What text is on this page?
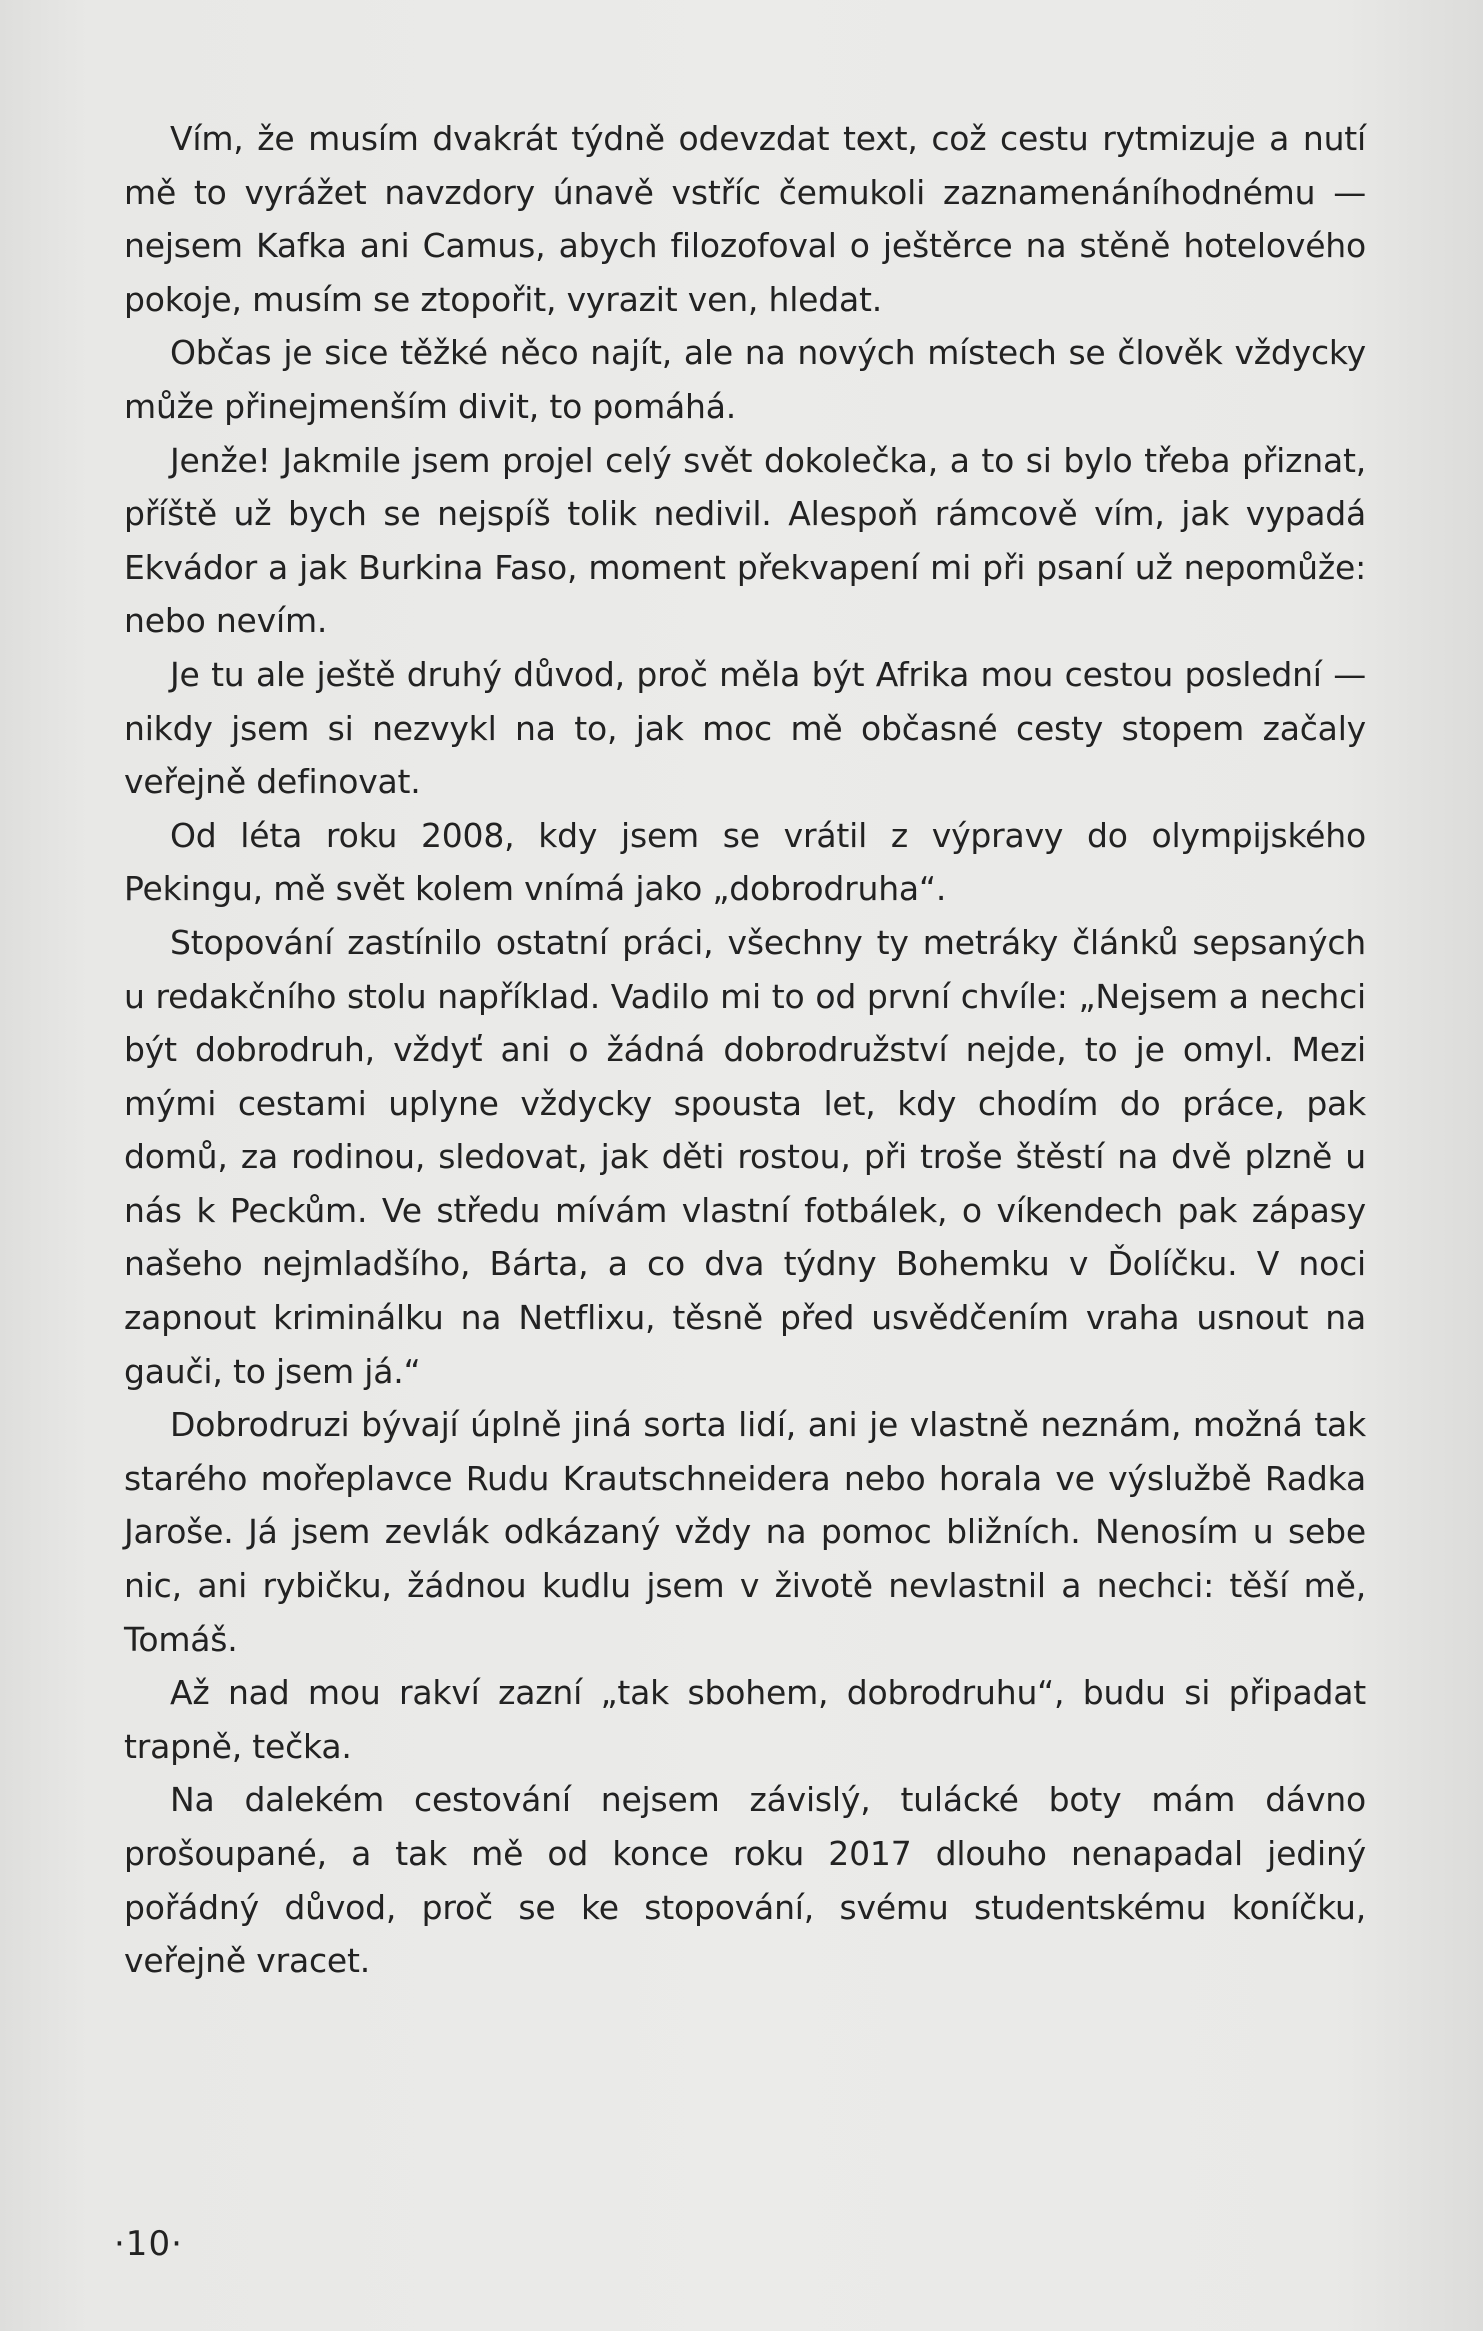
Vím, že musím dvakrát týdně odevzdat text, což cestu rytmizuje a nutí mě to vyrážet navzdory únavě vstříc čemukoli zaznamenáníhodnému — nejsem Kafka ani Camus, abych filozofoval o ještěrce na stěně hotelového pokoje, musím se ztopořit, vyrazit ven, hledat.

Občas je sice těžké něco najít, ale na nových místech se člověk vždycky může přinejmenším divit, to pomáhá.

Jenže! Jakmile jsem projel celý svět dokolečka, a to si bylo třeba přiznat, příště už bych se nejspíš tolik nedivil. Alespoň rámcově vím, jak vypadá Ekvádor a jak Burkina Faso, moment překvapení mi při psaní už nepomůže: nebo nevím.

Je tu ale ještě druhý důvod, proč měla být Afrika mou cestou poslední — nikdy jsem si nezvykl na to, jak moc mě občasné cesty stopem začaly veřejně definovat.

Od léta roku 2008, kdy jsem se vrátil z výpravy do olympijského Pekingu, mě svět kolem vnímá jako „dobrodruha“.

Stopování zastínilo ostatní práci, všechny ty metráky článků sepsaných u redakčního stolu například. Vadilo mi to od první chvíle: „Nejsem a nechci být dobrodruh, vždyť ani o žádná dobrodružství nejde, to je omyl. Mezi mými cestami uplyne vždycky spousta let, kdy chodím do práce, pak domů, za rodinou, sledovat, jak děti rostou, při troše štěstí na dvě plzně u nás k Peckům. Ve středu mívám vlastní fotbálek, o víkendech pak zápasy našeho nejmladšího, Bárta, a co dva týdny Bohemku v Ďolíčku. V noci zapnout kriminálku na Netflixu, těsně před usvědčením vraha usnout na gauči, to jsem já.“

Dobrodruzi bývají úplně jiná sorta lidí, ani je vlastně neznám, možná tak starého mořeplavce Rudu Krautschneidera nebo horala ve výslužbě Radka Jaroše. Já jsem zevlák odkázaný vždy na pomoc bližních. Nenosím u sebe nic, ani rybičku, žádnou kudlu jsem v životě nevlastnil a nechci: těší mě, Tomáš.

Až nad mou rakví zazní „tak sbohem, dobrodruhu“, budu si připadat trapně, tečka.

Na dalekém cestování nejsem závislý, tulácké boty mám dávno prošoupané, a tak mě od konce roku 2017 dlouho nenapadal jediný pořádný důvod, proč se ke stopování, svému studentskému koníčku, veřejně vracet.

·10·
